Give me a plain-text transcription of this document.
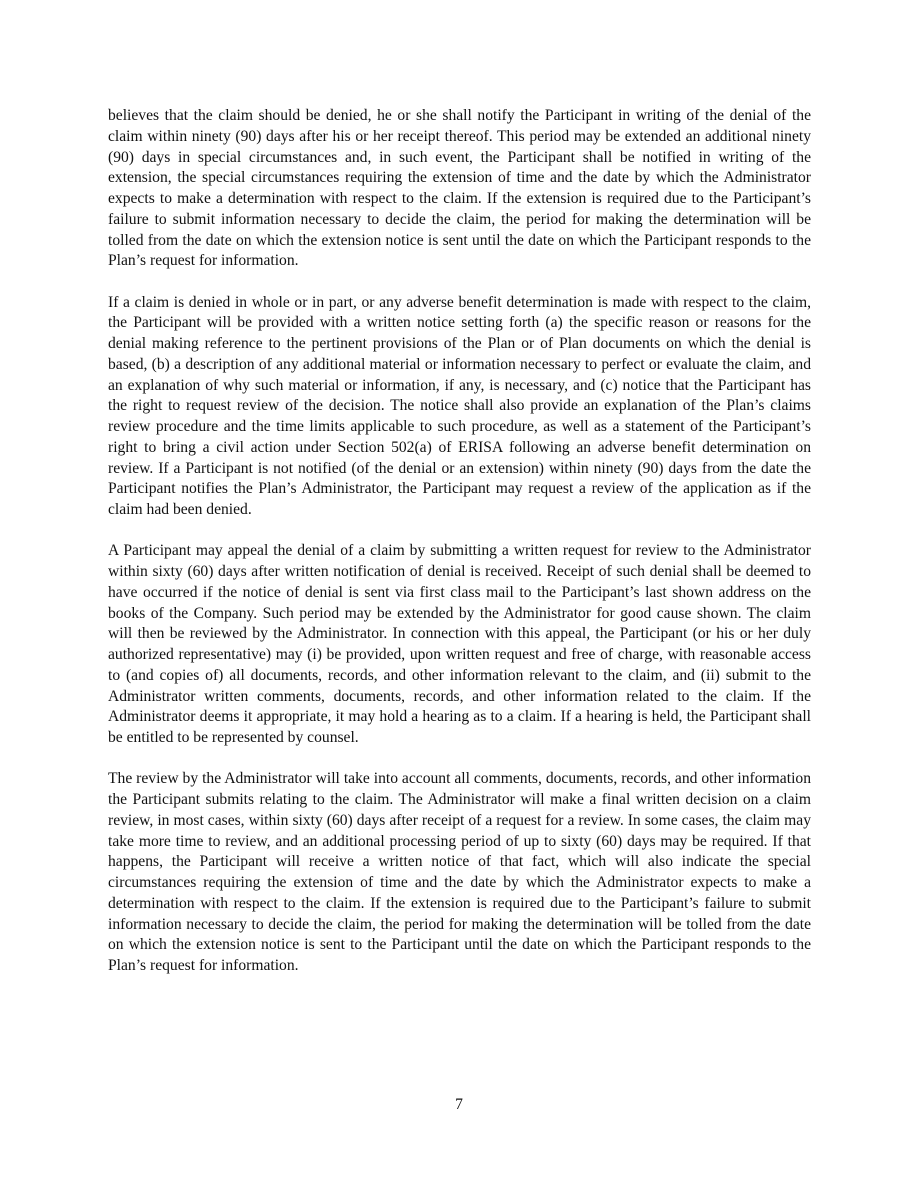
believes that the claim should be denied, he or she shall notify the Participant in writing of the denial of the claim within ninety (90) days after his or her receipt thereof. This period may be extended an additional ninety (90) days in special circumstances and, in such event, the Participant shall be notified in writing of the extension, the special circumstances requiring the extension of time and the date by which the Administrator expects to make a determination with respect to the claim. If the extension is required due to the Participant’s failure to submit information necessary to decide the claim, the period for making the determination will be tolled from the date on which the extension notice is sent until the date on which the Participant responds to the Plan’s request for information.

If a claim is denied in whole or in part, or any adverse benefit determination is made with respect to the claim, the Participant will be provided with a written notice setting forth (a) the specific reason or reasons for the denial making reference to the pertinent provisions of the Plan or of Plan documents on which the denial is based, (b) a description of any additional material or information necessary to perfect or evaluate the claim, and an explanation of why such material or information, if any, is necessary, and (c) notice that the Participant has the right to request review of the decision. The notice shall also provide an explanation of the Plan’s claims review procedure and the time limits applicable to such procedure, as well as a statement of the Participant’s right to bring a civil action under Section 502(a) of ERISA following an adverse benefit determination on review. If a Participant is not notified (of the denial or an extension) within ninety (90) days from the date the Participant notifies the Plan’s Administrator, the Participant may request a review of the application as if the claim had been denied.

A Participant may appeal the denial of a claim by submitting a written request for review to the Administrator within sixty (60) days after written notification of denial is received. Receipt of such denial shall be deemed to have occurred if the notice of denial is sent via first class mail to the Participant’s last shown address on the books of the Company. Such period may be extended by the Administrator for good cause shown. The claim will then be reviewed by the Administrator. In connection with this appeal, the Participant (or his or her duly authorized representative) may (i) be provided, upon written request and free of charge, with reasonable access to (and copies of) all documents, records, and other information relevant to the claim, and (ii) submit to the Administrator written comments, documents, records, and other information related to the claim. If the Administrator deems it appropriate, it may hold a hearing as to a claim. If a hearing is held, the Participant shall be entitled to be represented by counsel.

The review by the Administrator will take into account all comments, documents, records, and other information the Participant submits relating to the claim. The Administrator will make a final written decision on a claim review, in most cases, within sixty (60) days after receipt of a request for a review. In some cases, the claim may take more time to review, and an additional processing period of up to sixty (60) days may be required. If that happens, the Participant will receive a written notice of that fact, which will also indicate the special circumstances requiring the extension of time and the date by which the Administrator expects to make a determination with respect to the claim. If the extension is required due to the Participant’s failure to submit information necessary to decide the claim, the period for making the determination will be tolled from the date on which the extension notice is sent to the Participant until the date on which the Participant responds to the Plan’s request for information.

7
